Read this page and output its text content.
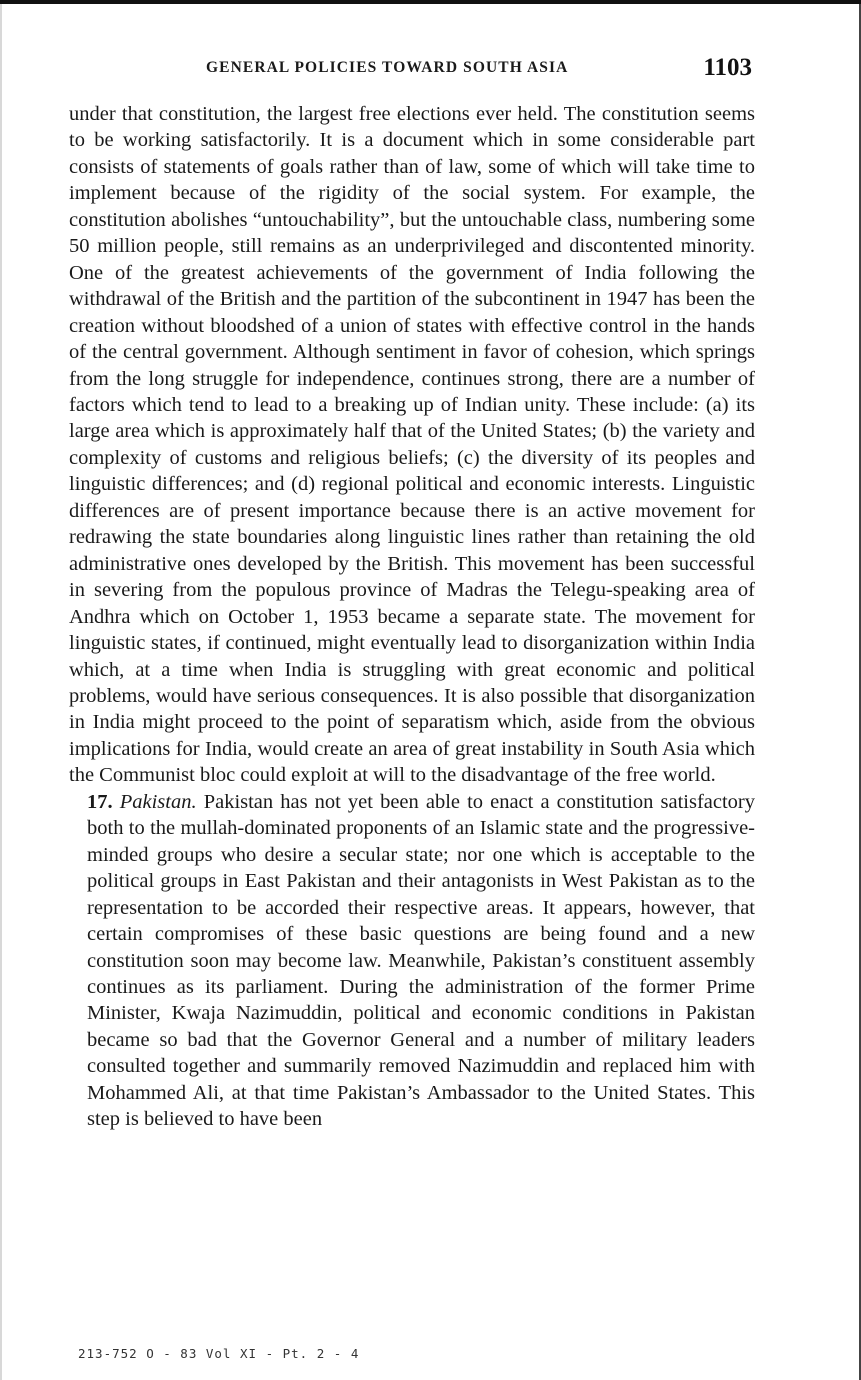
GENERAL POLICIES TOWARD SOUTH ASIA	1103

under that constitution, the largest free elections ever held. The constitution seems to be working satisfactorily. It is a document which in some considerable part consists of statements of goals rather than of law, some of which will take time to implement because of the rigidity of the social system. For example, the constitution abolishes “untouchability”, but the untouchable class, numbering some 50 million people, still remains as an underprivileged and discontented minority. One of the greatest achievements of the government of India following the withdrawal of the British and the partition of the subcontinent in 1947 has been the creation without bloodshed of a union of states with effective control in the hands of the central government. Although sentiment in favor of cohesion, which springs from the long struggle for independence, continues strong, there are a number of factors which tend to lead to a breaking up of Indian unity. These include: (a) its large area which is approximately half that of the United States; (b) the variety and complexity of customs and religious beliefs; (c) the diversity of its peoples and linguistic differences; and (d) regional political and economic interests. Linguistic differences are of present importance because there is an active movement for redrawing the state boundaries along linguistic lines rather than retaining the old administrative ones developed by the British. This movement has been successful in severing from the populous province of Madras the Telegu-speaking area of Andhra which on October 1, 1953 became a separate state. The movement for linguistic states, if continued, might eventually lead to disorganization within India which, at a time when India is struggling with great economic and political problems, would have serious consequences. It is also possible that disorganization in India might proceed to the point of separatism which, aside from the obvious implications for India, would create an area of great instability in South Asia which the Communist bloc could exploit at will to the disadvantage of the free world.

17. Pakistan. Pakistan has not yet been able to enact a constitution satisfactory both to the mullah-dominated proponents of an Islamic state and the progressive-minded groups who desire a secular state; nor one which is acceptable to the political groups in East Pakistan and their antagonists in West Pakistan as to the representation to be accorded their respective areas. It appears, however, that certain compromises of these basic questions are being found and a new constitution soon may become law. Meanwhile, Pakistan’s constituent assembly continues as its parliament. During the administration of the former Prime Minister, Kwaja Nazimuddin, political and economic conditions in Pakistan became so bad that the Governor General and a number of military leaders consulted together and summarily removed Nazimuddin and replaced him with Mohammed Ali, at that time Pakistan’s Ambassador to the United States. This step is believed to have been

213-752 O - 83 Vol XI - Pt. 2 - 4
